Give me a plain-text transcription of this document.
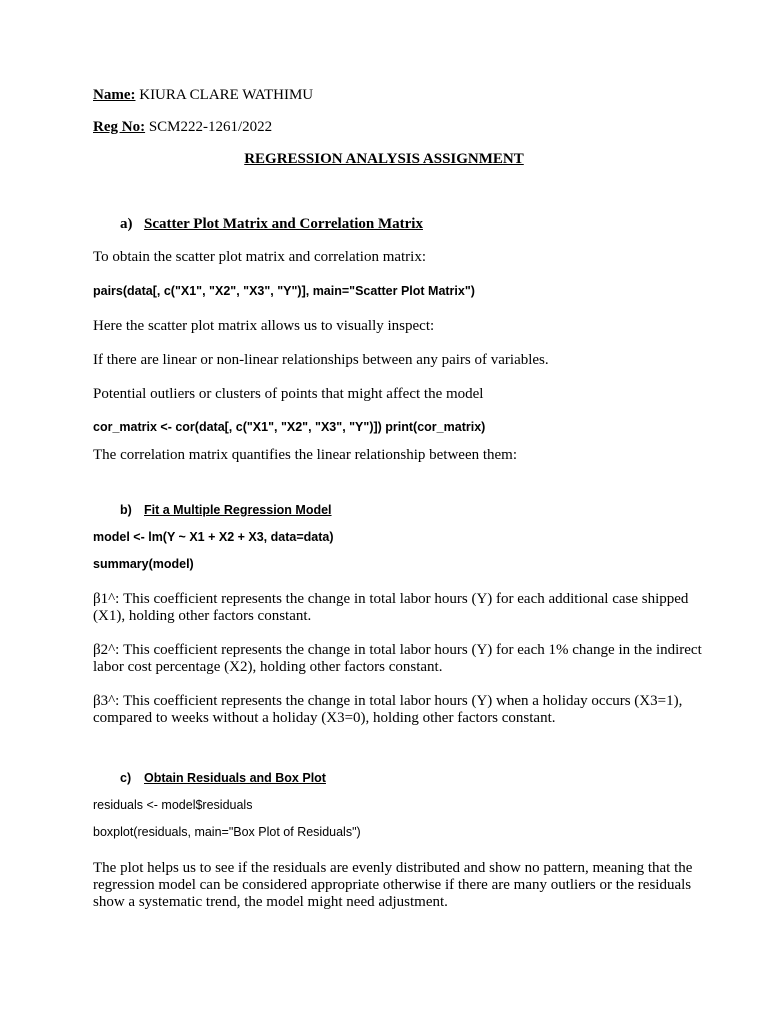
Name: KIURA CLARE WATHIMU
Reg No: SCM222-1261/2022
REGRESSION ANALYSIS ASSIGNMENT
a) Scatter Plot Matrix and Correlation Matrix
To obtain the scatter plot matrix and correlation matrix:
pairs(data[, c("X1", "X2", "X3", "Y")], main="Scatter Plot Matrix")
Here the scatter plot matrix allows us to visually inspect:
If there are linear or non-linear relationships between any pairs of variables.
Potential outliers or clusters of points that might affect the model
cor_matrix <- cor(data[, c("X1", "X2", "X3", "Y")]) print(cor_matrix)
The correlation matrix quantifies the linear relationship between them:
b) Fit a Multiple Regression Model
model <- lm(Y ~ X1 + X2 + X3, data=data)
summary(model)
β1^: This coefficient represents the change in total labor hours (Y) for each additional case shipped (X1), holding other factors constant.
β2^: This coefficient represents the change in total labor hours (Y) for each 1% change in the indirect labor cost percentage (X2), holding other factors constant.
β3^: This coefficient represents the change in total labor hours (Y) when a holiday occurs (X3=1), compared to weeks without a holiday (X3=0), holding other factors constant.
c) Obtain Residuals and Box Plot
residuals <- model$residuals
boxplot(residuals, main="Box Plot of Residuals")
The plot helps us to see if the residuals are evenly distributed and show no pattern, meaning that the regression model can be considered appropriate otherwise if there are many outliers or the residuals show a systematic trend, the model might need adjustment.
